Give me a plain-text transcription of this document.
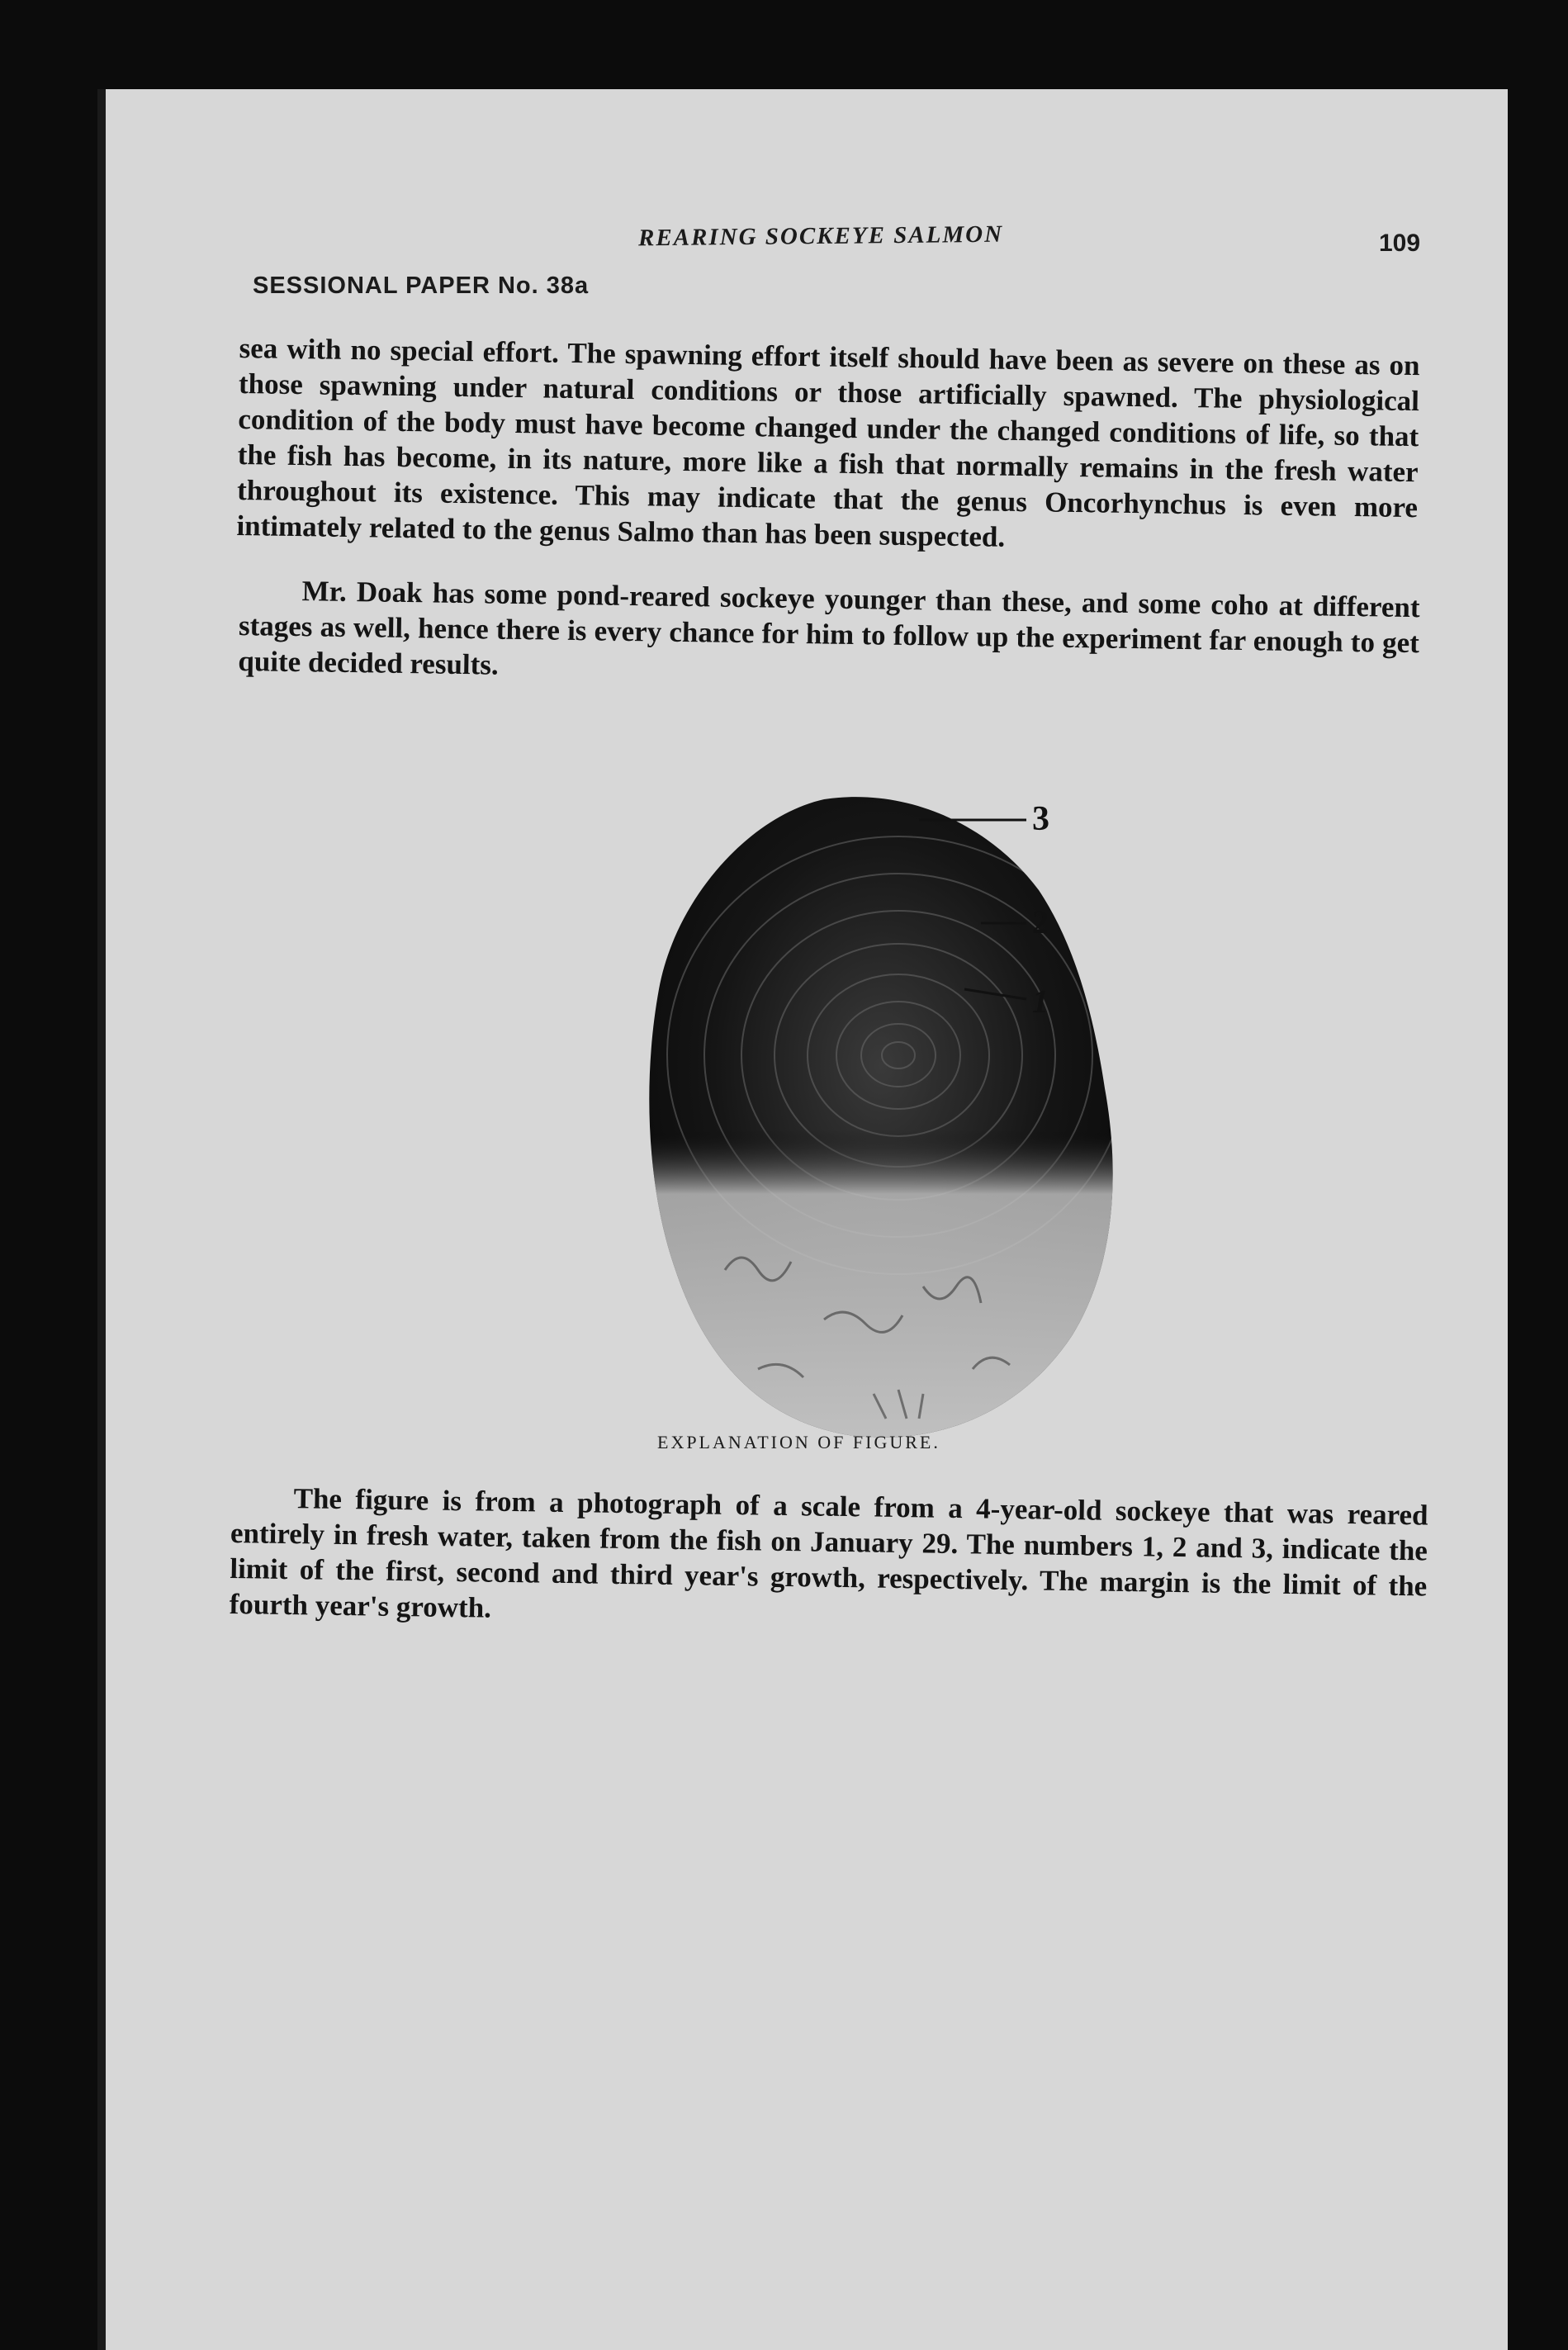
REARING SOCKEYE SALMON	109
SESSIONAL PAPER No. 38a

sea with no special effort. The spawning effort itself should have been as severe on these as on those spawning under natural conditions or those artificially spawned. The physiological condition of the body must have become changed under the changed conditions of life, so that the fish has become, in its nature, more like a fish that normally remains in the fresh water throughout its existence. This may indicate that the genus Oncorhynchus is even more intimately related to the genus Salmo than has been suspected.

Mr. Doak has some pond-reared sockeye younger than these, and some coho at different stages as well, hence there is every chance for him to follow up the experiment far enough to get quite decided results.

3
2
1
EXPLANATION OF FIGURE.

The figure is from a photograph of a scale from a 4-year-old sockeye that was reared entirely in fresh water, taken from the fish on January 29. The numbers 1, 2 and 3, indicate the limit of the first, second and third year's growth, respectively. The margin is the limit of the fourth year's growth.
